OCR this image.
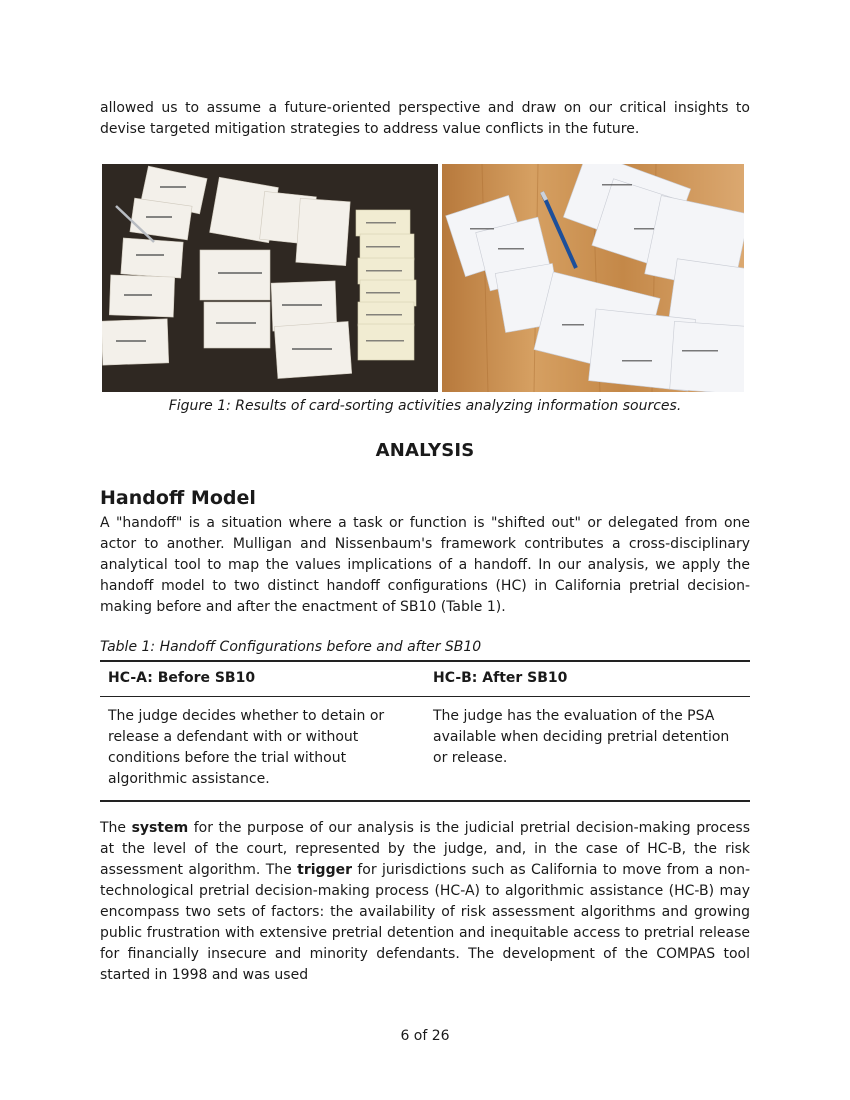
allowed us to assume a future-oriented perspective and draw on our critical insights to devise targeted mitigation strategies to address value conflicts in the future.

Figure 1: Results of card-sorting activities analyzing information sources.
ANALYSIS
Handoff Model

A "handoff" is a situation where a task or function is "shifted out" or delegated from one actor to another. Mulligan and Nissenbaum's framework contributes a cross-disciplinary analytical tool to map the values implications of a handoff. In our analysis, we apply the handoff model to two distinct handoff configurations (HC) in California pretrial decision-making before and after the enactment of SB10 (Table 1).

Table 1: Handoff Configurations before and after SB10
HC-A: Before SB10	HC-B: After SB10
The judge decides whether to detain or release a defendant with or without conditions before the trial without algorithmic assistance.	The judge has the evaluation of the PSA available when deciding pretrial detention or release.

The system for the purpose of our analysis is the judicial pretrial decision-making process at the level of the court, represented by the judge, and, in the case of HC-B, the risk assessment algorithm. The trigger for jurisdictions such as California to move from a non-technological pretrial decision-making process (HC-A) to algorithmic assistance (HC-B) may encompass two sets of factors: the availability of risk assessment algorithms and growing public frustration with extensive pretrial detention and inequitable access to pretrial release for financially insecure and minority defendants. The development of the COMPAS tool started in 1998 and was used

6 of 26
